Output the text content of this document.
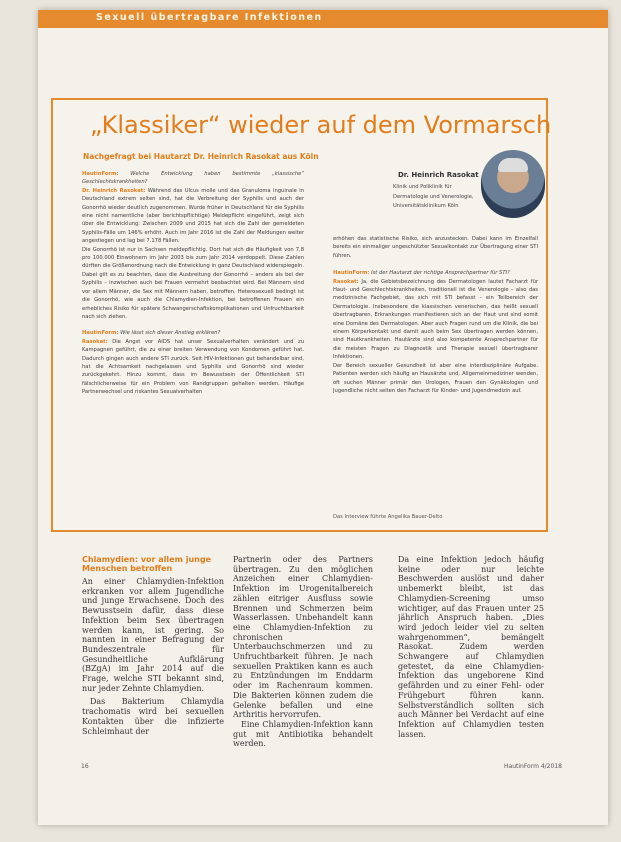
Sexuell übertragbare Infektionen
„Klassiker“ wieder auf dem Vormarsch
Nachgefragt bei Hautarzt Dr. Heinrich Rasokat aus Köln
Dr. Heinrich Rasokat
Klinik und Poliklinik für Dermatologie und Venerologie, Universitätsklinikum Köln

HautinForm: Welche Entwicklung haben bestimmte „klassische“ Geschlechtskrankheiten?

Dr. Heinrich Rasokat: Während das Ulcus molle und das Granuloma inguinale in Deutschland extrem selten sind, hat die Verbreitung der Syphilis und auch der Gonorrhö wieder deutlich zugenommen. Wurde früher in Deutschland für die Syphilis eine nicht namentliche (aber berichtspflichtige) Meldepflicht eingeführt, zeigt sich über die Entwicklung: Zwischen 2009 und 2015 hat sich die Zahl der gemeldeten Syphilis-Fälle um 146% erhöht. Auch im Jahr 2016 ist die Zahl der Meldungen weiter angestiegen und lag bei 7.178 Fällen.

Die Gonorrhö ist nur in Sachsen meldepflichtig. Dort hat sich die Häufigkeit von 7,8 pro 100.000 Einwohnern im Jahr 2003 bis zum Jahr 2014 verdoppelt. Diese Zahlen dürften die Größenordnung nach die Entwicklung in ganz Deutschland widerspiegeln. Dabei gilt es zu beachten, dass die Ausbreitung der Gonorrhö – anders als bei der Syphilis – inzwischen auch bei Frauen vermehrt beobachtet wird. Bei Männern sind vor allem Männer, die Sex mit Männern haben, betroffen. Heterosexuell bedingt ist die Gonorrhö, wie auch die Chlamydien-Infektion, bei betroffenen Frauen ein erhebliches Risiko für spätere Schwangerschaftskomplikationen und Unfruchtbarkeit nach sich ziehen.

HautinForm: Wie lässt sich dieser Anstieg erklären?

Rasokat: Die Angst vor AIDS hat unser Sexualverhalten verändert und zu Kampagnen geführt, die zu einer breiten Verwendung von Kondomen geführt hat. Dadurch gingen auch andere STI zurück. Seit HIV-Infektionen gut behandelbar sind, hat die Achtsamkeit nachgelassen und Syphilis und Gonorrhö sind wieder zurückgekehrt. Hinzu kommt, dass im Bewusstsein der Öffentlichkeit STI fälschlicherweise für ein Problem von Randgruppen gehalten werden. Häufige Partnerwechsel und riskantes Sexualverhalten

erhöhen das statistische Risiko, sich anzustecken. Dabei kann im Einzelfall bereits ein einmaliger ungeschützter Sexualkontakt zur Übertragung einer STI führen.

HautinForm: Ist der Hautarzt der richtige Ansprechpartner für STI?

Rasokat: Ja, die Gebietsbezeichnung des Dermatologen lautet Facharzt für Haut- und Geschlechtskrankheiten, traditionell ist die Venerologie – also das medizinische Fachgebiet, das sich mit STI befasst – ein Teilbereich der Dermatologie. Insbesondere die klassischen venerischen, das heißt sexuell übertragbaren, Erkrankungen manifestieren sich an der Haut und sind somit eine Domäne des Dermatologen. Aber auch Fragen rund um die Klinik, die bei einem Körperkontakt und damit auch beim Sex übertragen werden können, sind Hautkrankheiten. Hautärzte sind also kompetente Ansprechpartner für die meisten Fragen zu Diagnostik und Therapie sexuell übertragbarer Infektionen.

Der Bereich sexueller Gesundheit ist aber eine interdisziplinäre Aufgabe. Patienten werden sich häufig an Hausärzte und, Allgemeinmediziner wenden, oft suchen Männer primär den Urologen, Frauen den Gynäkologen und Jugendliche nicht selten den Facharzt für Kinder- und Jugendmedizin auf.

Das Interview führte Angelika Bauer-Delto
Chlamydien: vor allem junge Menschen betroffen

An einer Chlamydien-Infektion erkranken vor allem Jugendliche und junge Erwachsene. Doch des Bewusstsein dafür, dass diese Infektion beim Sex übertragen werden kann, ist gering. So nannten in einer Befragung der Bundeszentrale für Gesundheitliche Aufklärung (BZgA) im Jahr 2014 auf die Frage, welche STI bekannt sind, nur jeder Zehnte Chlamydien.

Das Bakterium Chlamydia trachomatis wird bei sexuellen Kontakten über die infizierte Schleimhaut der

Partnerin oder des Partners übertragen. Zu den möglichen Anzeichen einer Chlamydien-Infektion im Urogenitalbereich zählen eitriger Ausfluss sowie Brennen und Schmerzen beim Wasserlassen. Unbehandelt kann eine Chlamydien-Infektion zu chronischen Unterbauchschmerzen und zu Unfruchtbarkeit führen. Je nach sexuellen Praktiken kann es auch zu Entzündungen im Enddarm oder im Rachenraum kommen. Die Bakterien können zudem die Gelenke befallen und eine Arthritis hervorrufen.

Eine Chlamydien-Infektion kann gut mit Antibiotika behandelt werden.

Da eine Infektion jedoch häufig keine oder nur leichte Beschwerden auslöst und daher unbemerkt bleibt, ist das Chlamydien-Screening umso wichtiger, auf das Frauen unter 25 jährlich Anspruch haben. „Dies wird jedoch leider viel zu selten wahrgenommen“, bemängelt Rasokat. Zudem werden Schwangere auf Chlamydien getestet, da eine Chlamydien-Infektion das ungeborene Kind gefährden und zu einer Fehl- oder Frühgeburt führen kann. Selbstverständlich sollten sich auch Männer bei Verdacht auf eine Infektion auf Chlamydien testen lassen.

16	HautinForm 4/2018
